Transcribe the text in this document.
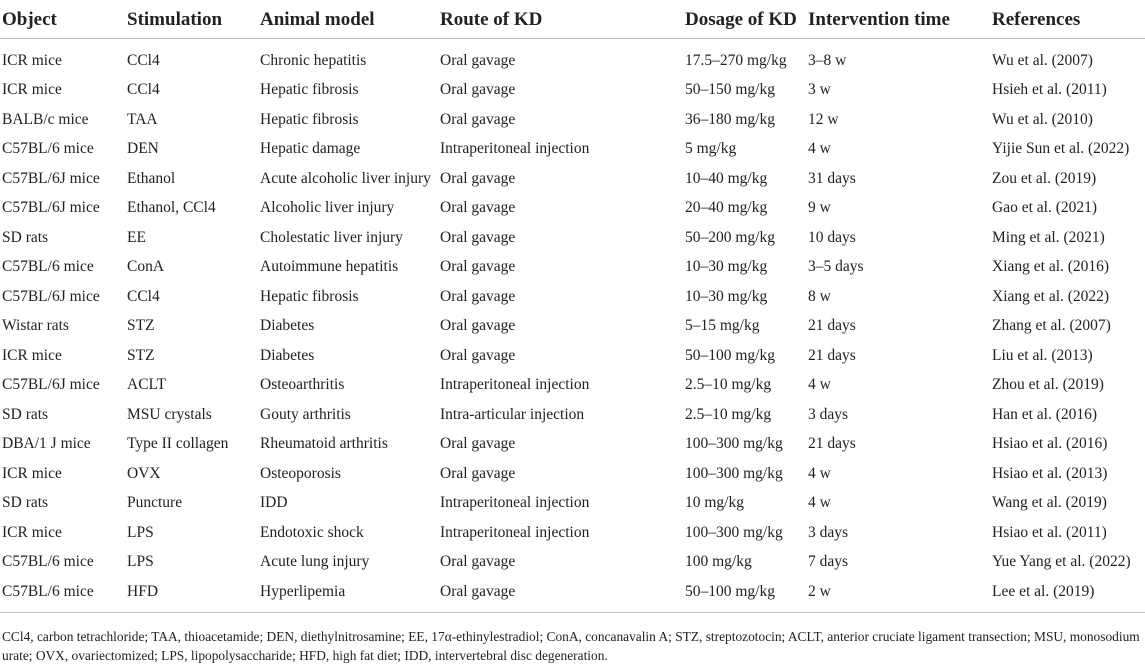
Object	Stimulation	Animal model	Route of KD	Dosage of KD	Intervention time	References
ICR mice	CCl4	Chronic hepatitis	Oral gavage	17.5–270 mg/kg	3–8 w	Wu et al. (2007)
ICR mice	CCl4	Hepatic fibrosis	Oral gavage	50–150 mg/kg	3 w	Hsieh et al. (2011)
BALB/c mice	TAA	Hepatic fibrosis	Oral gavage	36–180 mg/kg	12 w	Wu et al. (2010)
C57BL/6 mice	DEN	Hepatic damage	Intraperitoneal injection	5 mg/kg	4 w	Yijie Sun et al. (2022)
C57BL/6J mice	Ethanol	Acute alcoholic liver injury	Oral gavage	10–40 mg/kg	31 days	Zou et al. (2019)
C57BL/6J mice	Ethanol, CCl4	Alcoholic liver injury	Oral gavage	20–40 mg/kg	9 w	Gao et al. (2021)
SD rats	EE	Cholestatic liver injury	Oral gavage	50–200 mg/kg	10 days	Ming et al. (2021)
C57BL/6 mice	ConA	Autoimmune hepatitis	Oral gavage	10–30 mg/kg	3–5 days	Xiang et al. (2016)
C57BL/6J mice	CCl4	Hepatic fibrosis	Oral gavage	10–30 mg/kg	8 w	Xiang et al. (2022)
Wistar rats	STZ	Diabetes	Oral gavage	5–15 mg/kg	21 days	Zhang et al. (2007)
ICR mice	STZ	Diabetes	Oral gavage	50–100 mg/kg	21 days	Liu et al. (2013)
C57BL/6J mice	ACLT	Osteoarthritis	Intraperitoneal injection	2.5–10 mg/kg	4 w	Zhou et al. (2019)
SD rats	MSU crystals	Gouty arthritis	Intra-articular injection	2.5–10 mg/kg	3 days	Han et al. (2016)
DBA/1 J mice	Type II collagen	Rheumatoid arthritis	Oral gavage	100–300 mg/kg	21 days	Hsiao et al. (2016)
ICR mice	OVX	Osteoporosis	Oral gavage	100–300 mg/kg	4 w	Hsiao et al. (2013)
SD rats	Puncture	IDD	Intraperitoneal injection	10 mg/kg	4 w	Wang et al. (2019)
ICR mice	LPS	Endotoxic shock	Intraperitoneal injection	100–300 mg/kg	3 days	Hsiao et al. (2011)
C57BL/6 mice	LPS	Acute lung injury	Oral gavage	100 mg/kg	7 days	Yue Yang et al. (2022)
C57BL/6 mice	HFD	Hyperlipemia	Oral gavage	50–100 mg/kg	2 w	Lee et al. (2019)
CCl4, carbon tetrachloride; TAA, thioacetamide; DEN, diethylnitrosamine; EE, 17α-ethinylestradiol; ConA, concanavalin A; STZ, streptozotocin; ACLT, anterior cruciate ligament transection; MSU, monosodium urate; OVX, ovariectomized; LPS, lipopolysaccharide; HFD, high fat diet; IDD, intervertebral disc degeneration.
